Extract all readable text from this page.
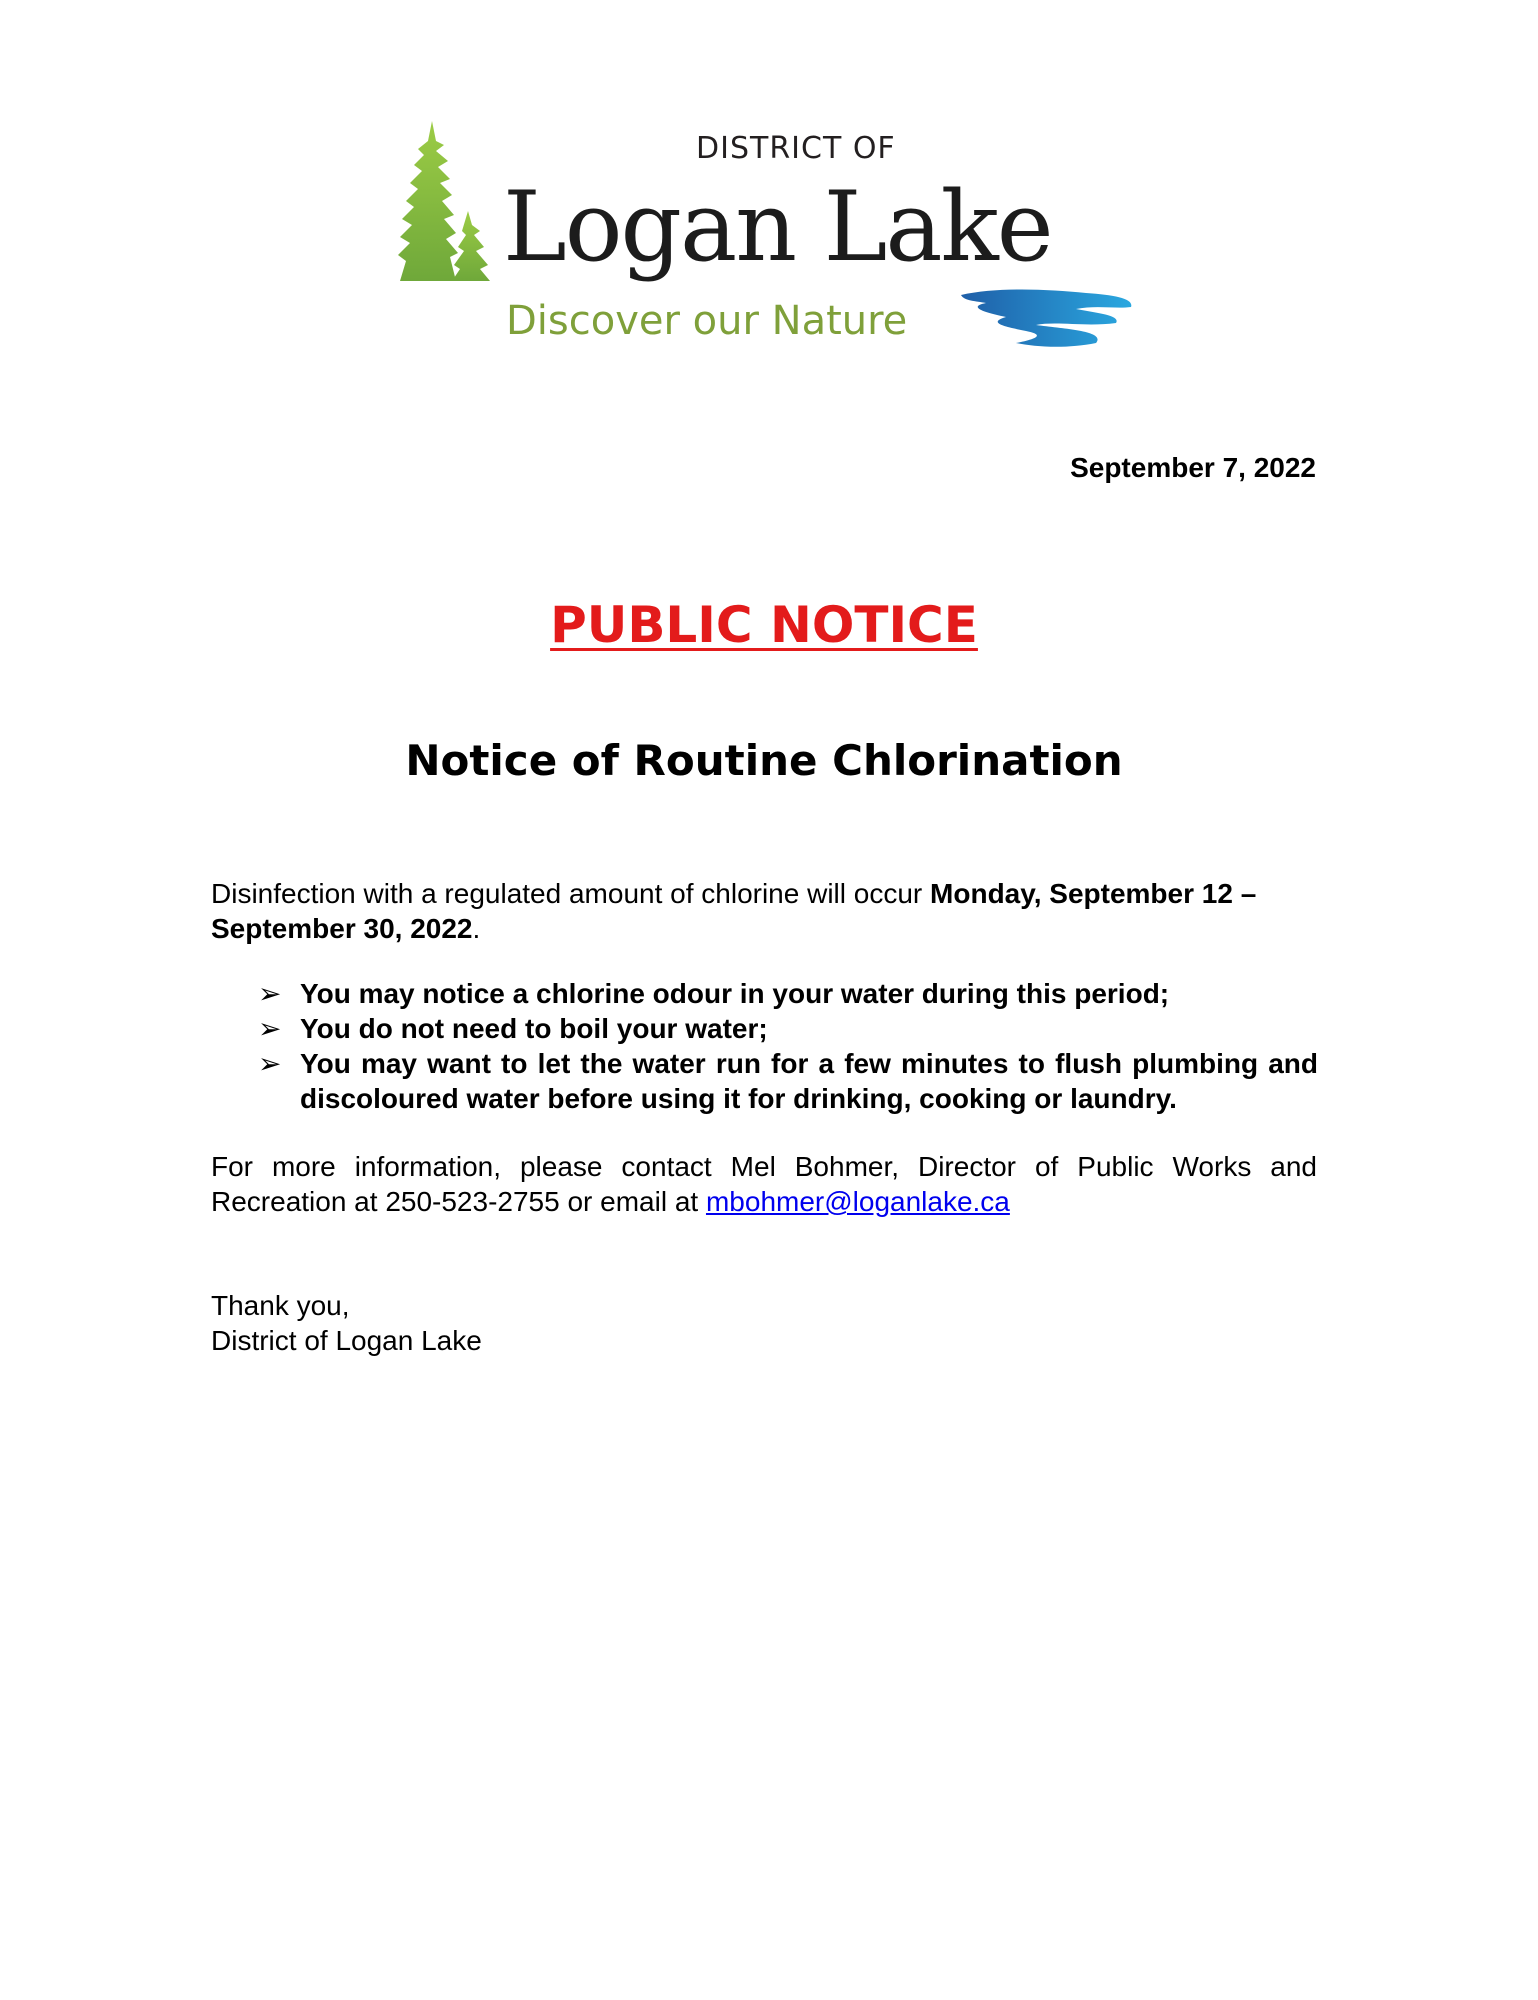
DISTRICT OF
Logan Lake
Discover our Nature
September 7, 2022
PUBLIC NOTICE
Notice of Routine Chlorination
Disinfection with a regulated amount of chlorine will occur Monday, September 12 – September 30, 2022.
➢ You may notice a chlorine odour in your water during this period;
➢ You do not need to boil your water;
➢ You may want to let the water run for a few minutes to flush plumbing and discoloured water before using it for drinking, cooking or laundry.
For more information, please contact Mel Bohmer, Director of Public Works and Recreation at 250-523-2755 or email at mbohmer@loganlake.ca
Thank you,
District of Logan Lake
